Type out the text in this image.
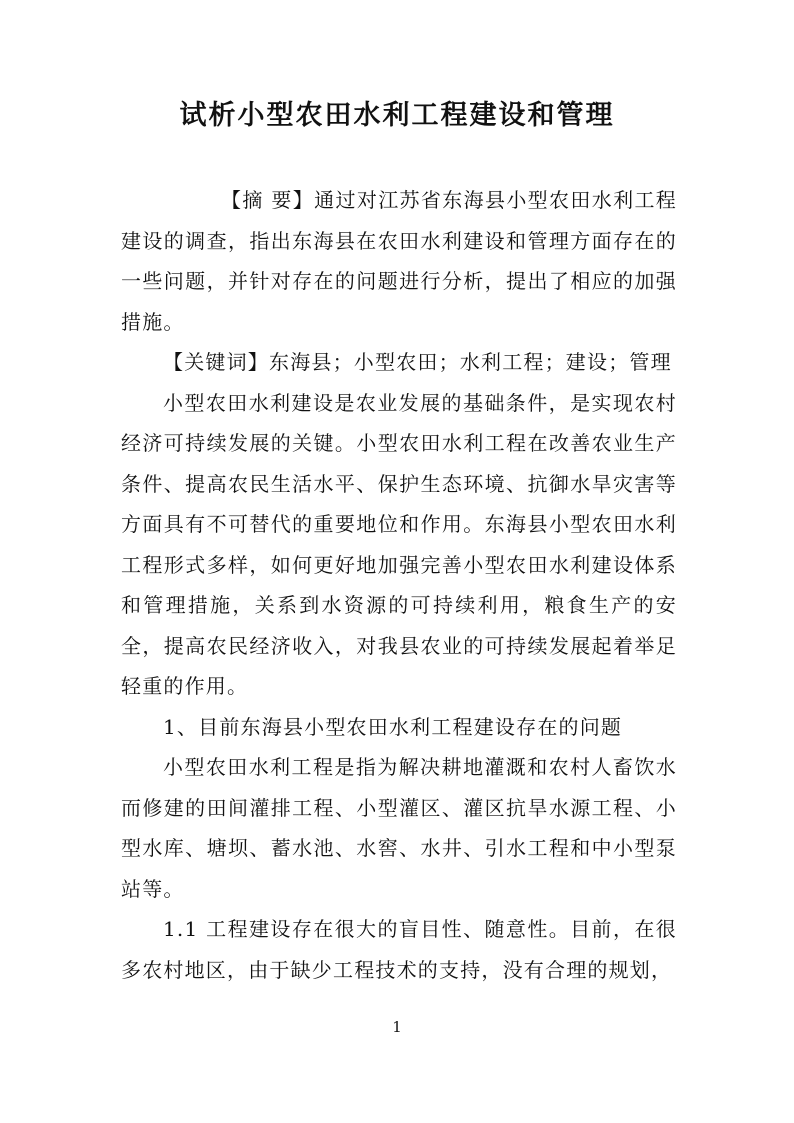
试析小型农田水利工程建设和管理

【摘 要】通过对江苏省东海县小型农田水利工程建设的调查，指出东海县在农田水利建设和管理方面存在的一些问题，并针对存在的问题进行分析，提出了相应的加强措施。

【关键词】东海县；小型农田；水利工程；建设；管理

小型农田水利建设是农业发展的基础条件，是实现农村经济可持续发展的关键。小型农田水利工程在改善农业生产条件、提高农民生活水平、保护生态环境、抗御水旱灾害等方面具有不可替代的重要地位和作用。东海县小型农田水利工程形式多样，如何更好地加强完善小型农田水利建设体系和管理措施，关系到水资源的可持续利用，粮食生产的安全，提高农民经济收入，对我县农业的可持续发展起着举足轻重的作用。

1、目前东海县小型农田水利工程建设存在的问题

小型农田水利工程是指为解决耕地灌溉和农村人畜饮水而修建的田间灌排工程、小型灌区、灌区抗旱水源工程、小型水库、塘坝、蓄水池、水窖、水井、引水工程和中小型泵站等。

1.1 工程建设存在很大的盲目性、随意性。目前，在很多农村地区，由于缺少工程技术的支持，没有合理的规划，

1
